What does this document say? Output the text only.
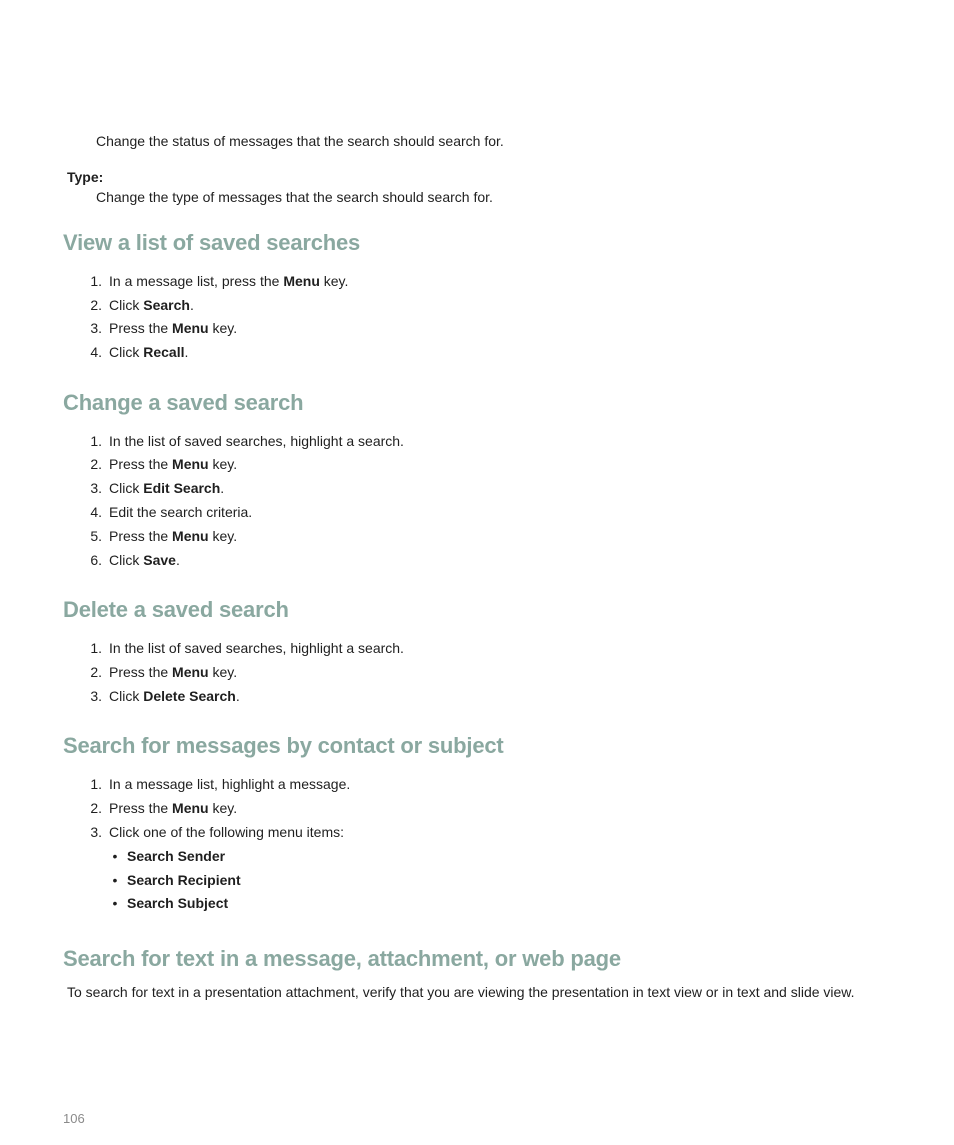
Change the status of messages that the search should search for.
Type:
Change the type of messages that the search should search for.
View a list of saved searches
1. In a message list, press the Menu key.
2. Click Search.
3. Press the Menu key.
4. Click Recall.
Change a saved search
1. In the list of saved searches, highlight a search.
2. Press the Menu key.
3. Click Edit Search.
4. Edit the search criteria.
5. Press the Menu key.
6. Click Save.
Delete a saved search
1. In the list of saved searches, highlight a search.
2. Press the Menu key.
3. Click Delete Search.
Search for messages by contact or subject
1. In a message list, highlight a message.
2. Press the Menu key.
3. Click one of the following menu items:
• Search Sender
• Search Recipient
• Search Subject
Search for text in a message, attachment, or web page
To search for text in a presentation attachment, verify that you are viewing the presentation in text view or in text and slide view.
106
